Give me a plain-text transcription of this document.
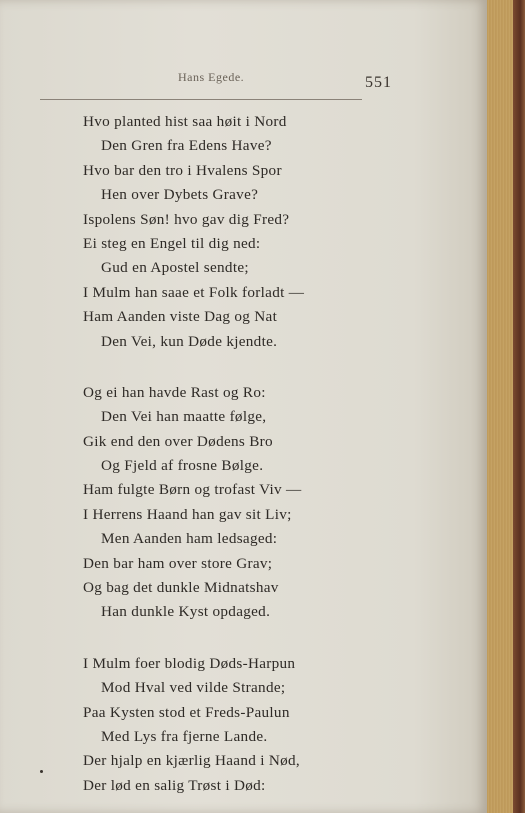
Hans Egede.	551
Hvo planted hist saa høit i Nord
Den Gren fra Edens Have?
Hvo bar den tro i Hvalens Spor
Hen over Dybets Grave?
Ispolens Søn! hvo gav dig Fred?
Ei steg en Engel til dig ned:
Gud en Apostel sendte;
I Mulm han saae et Folk forladt —
Ham Aanden viste Dag og Nat
Den Vei, kun Døde kjendte.
Og ei han havde Rast og Ro:
Den Vei han maatte følge,
Gik end den over Dødens Bro
Og Fjeld af frosne Bølge.
Ham fulgte Børn og trofast Viv —
I Herrens Haand han gav sit Liv;
Men Aanden ham ledsaged:
Den bar ham over store Grav;
Og bag det dunkle Midnatshav
Han dunkle Kyst opdaged.
I Mulm foer blodig Døds-Harpun
Mod Hval ved vilde Strande;
Paa Kysten stod et Freds-Paulun
Med Lys fra fjerne Lande.
Der hjalp en kjærlig Haand i Nød,
Der lød en salig Trøst i Død:
